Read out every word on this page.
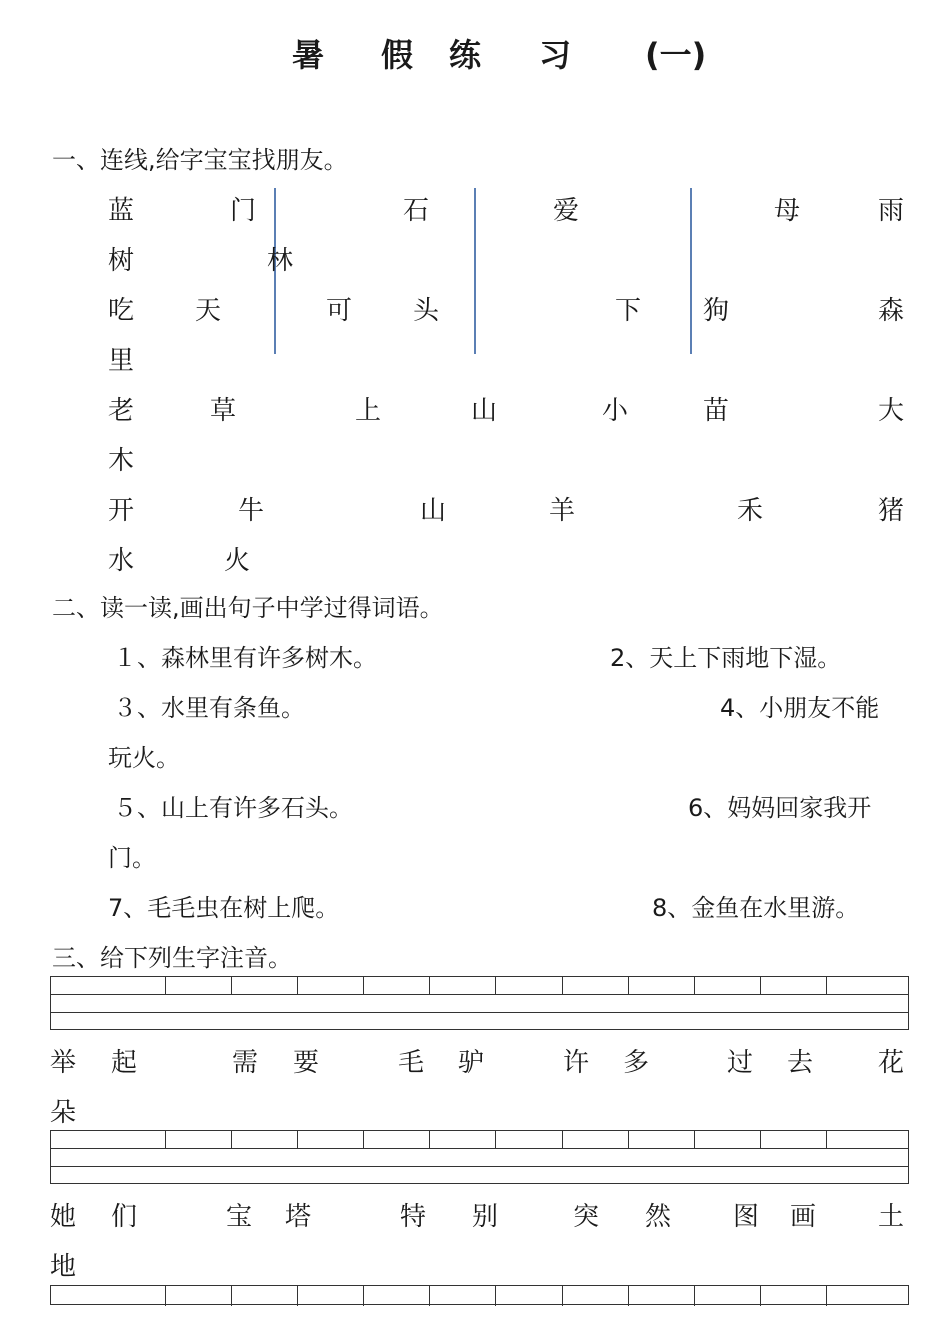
暑 假 练 习 (一)
一、连线,给字宝宝找朋友。
蓝	门	石	爱	母	雨
树	林
吃 天	可 头	下 狗	森
里
老	草	上	山	小	苗	大
木
开	牛	山	羊	禾	猪
水	火
二、读一读,画出句子中学过得词语。
１、森林里有许多树木。	2、天上下雨地下湿。
３、水里有条鱼。	4、小朋友不能
玩火。
５、山上有许多石头。	6、妈妈回家我开
门。
7、毛毛虫在树上爬。	8、金鱼在水里游。
三、给下列生字注音。
举 起	需 要	毛 驴	许 多	过 去 花
朵
她 们	宝 塔	特 别	突 然 图 画 土
地
